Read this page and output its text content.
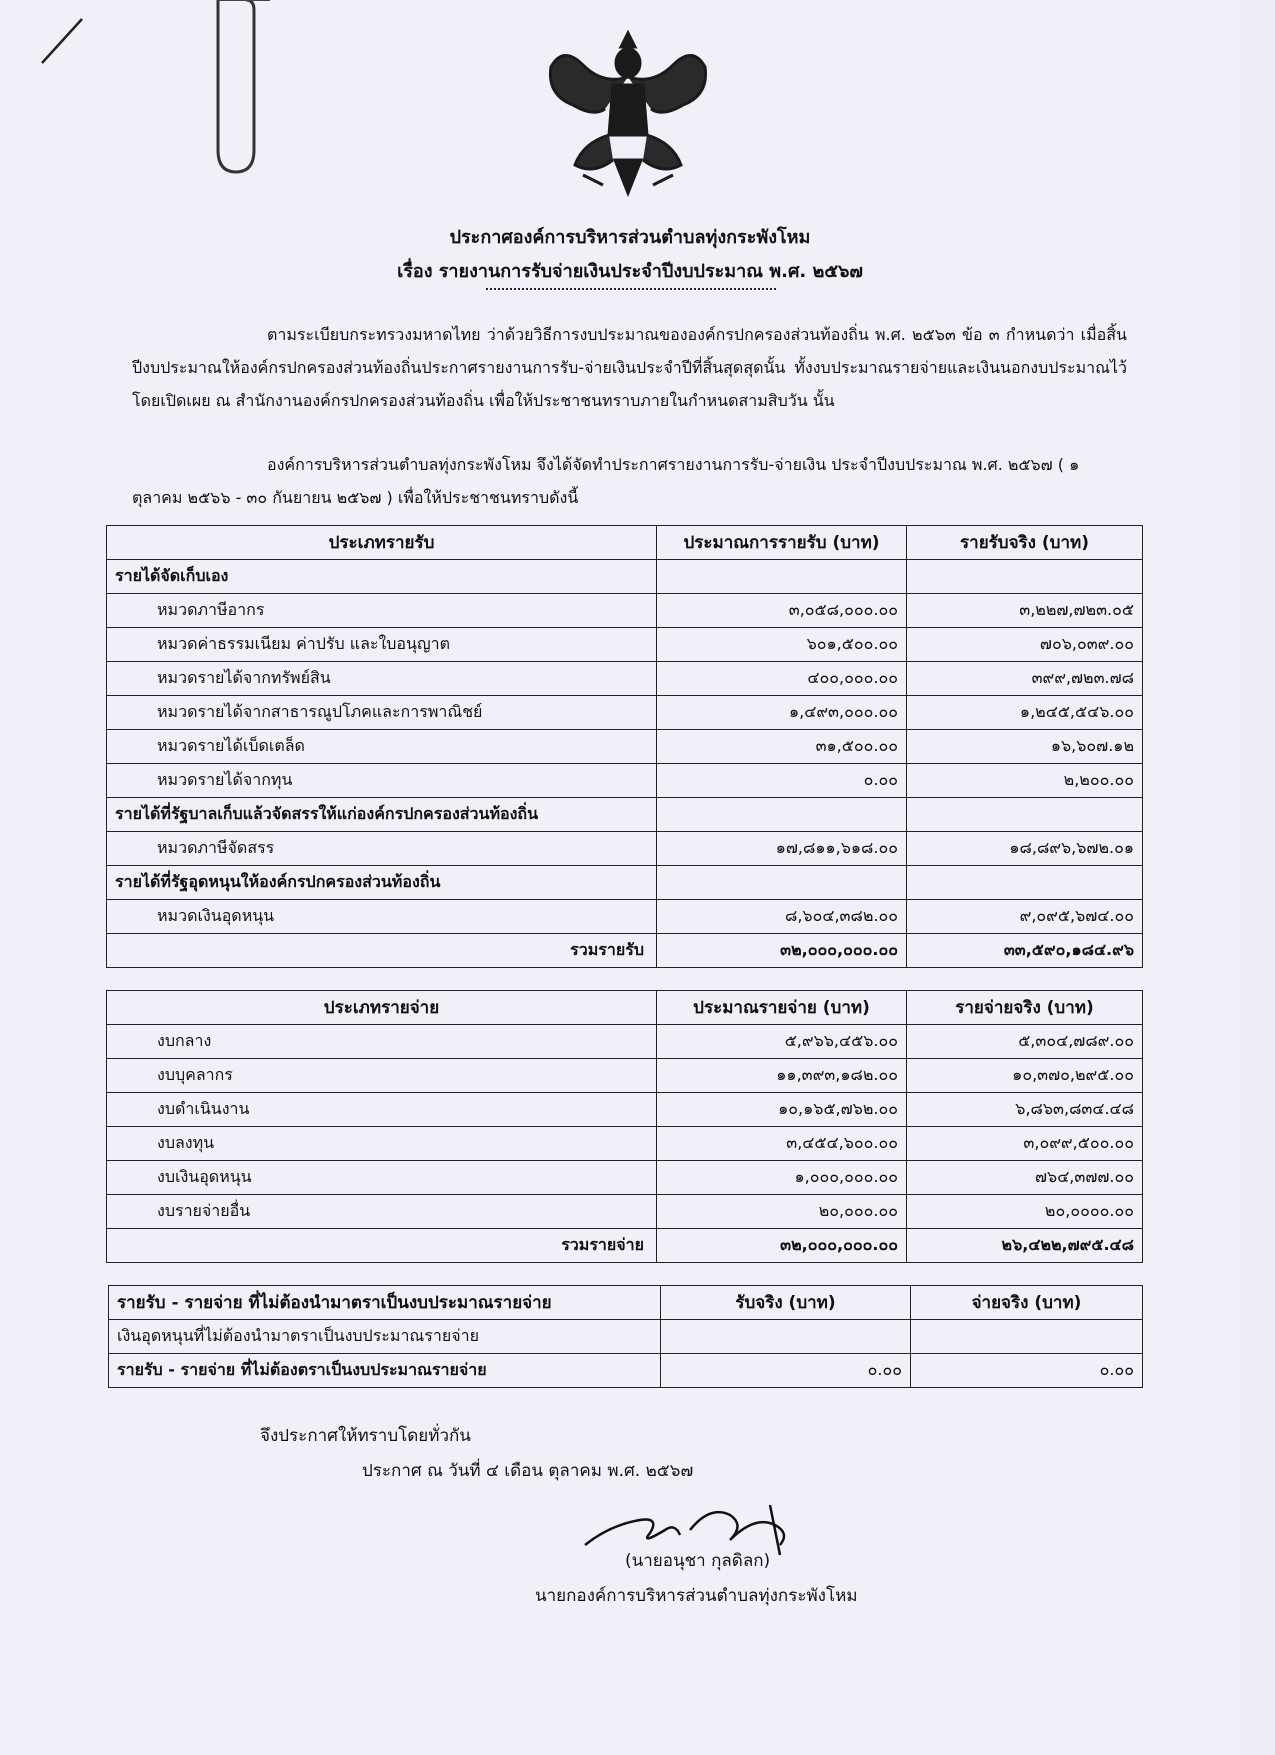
ประกาศองค์การบริหารส่วนตำบลทุ่งกระพังโหม
เรื่อง รายงานการรับจ่ายเงินประจำปีงบประมาณ พ.ศ. ๒๕๖๗
ตามระเบียบกระทรวงมหาดไทย ว่าด้วยวิธีการงบประมาณขององค์กรปกครองส่วนท้องถิ่น พ.ศ. ๒๕๖๓ ข้อ ๓ กำหนดว่า เมื่อสิ้นปีงบประมาณให้องค์กรปกครองส่วนท้องถิ่นประกาศรายงานการรับ-จ่ายเงินประจำปีที่สิ้นสุดสุดนั้น ทั้งงบประมาณรายจ่ายและเงินนอกงบประมาณไว้โดยเปิดเผย ณ สำนักงานองค์กรปกครองส่วนท้องถิ่น เพื่อให้ประชาชนทราบภายในกำหนดสามสิบวัน นั้น
องค์การบริหารส่วนตำบลทุ่งกระพังโหม จึงได้จัดทำประกาศรายงานการรับ-จ่ายเงิน ประจำปีงบประมาณ พ.ศ. ๒๕๖๗ ( ๑ ตุลาคม ๒๕๖๖ - ๓๐ กันยายน ๒๕๖๗ ) เพื่อให้ประชาชนทราบดังนี้
ประเภทรายรับ	ประมาณการรายรับ (บาท)	รายรับจริง (บาท)
รายได้จัดเก็บเอง		
หมวดภาษีอากร	๓,๐๕๘,๐๐๐.๐๐	๓,๒๒๗,๗๒๓.๐๕
หมวดค่าธรรมเนียม ค่าปรับ และใบอนุญาต	๖๐๑,๕๐๐.๐๐	๗๐๖,๐๓๙.๐๐
หมวดรายได้จากทรัพย์สิน	๔๐๐,๐๐๐.๐๐	๓๙๙,๗๒๓.๗๘
หมวดรายได้จากสาธารณูปโภคและการพาณิชย์	๑,๔๙๓,๐๐๐.๐๐	๑,๒๔๕,๕๔๖.๐๐
หมวดรายได้เบ็ดเตล็ด	๓๑,๕๐๐.๐๐	๑๖,๖๐๗.๑๒
หมวดรายได้จากทุน	๐.๐๐	๒,๒๐๐.๐๐
รายได้ที่รัฐบาลเก็บแล้วจัดสรรให้แก่องค์กรปกครองส่วนท้องถิ่น		
หมวดภาษีจัดสรร	๑๗,๘๑๑,๖๑๘.๐๐	๑๘,๘๙๖,๖๗๒.๐๑
รายได้ที่รัฐอุดหนุนให้องค์กรปกครองส่วนท้องถิ่น		
หมวดเงินอุดหนุน	๘,๖๐๔,๓๘๒.๐๐	๙,๐๙๕,๖๗๔.๐๐
รวมรายรับ	๓๒,๐๐๐,๐๐๐.๐๐	๓๓,๕๙๐,๑๘๔.๙๖
ประเภทรายจ่าย	ประมาณรายจ่าย (บาท)	รายจ่ายจริง (บาท)
งบกลาง	๕,๙๖๖,๔๕๖.๐๐	๕,๓๐๔,๗๘๙.๐๐
งบบุคลากร	๑๑,๓๙๓,๑๘๒.๐๐	๑๐,๓๗๐,๒๙๕.๐๐
งบดำเนินงาน	๑๐,๑๖๕,๗๖๒.๐๐	๖,๘๖๓,๘๓๔.๔๘
งบลงทุน	๓,๔๕๔,๖๐๐.๐๐	๓,๐๙๙,๕๐๐.๐๐
งบเงินอุดหนุน	๑,๐๐๐,๐๐๐.๐๐	๗๖๔,๓๗๗.๐๐
งบรายจ่ายอื่น	๒๐,๐๐๐.๐๐	๒๐,๐๐๐๐.๐๐
รวมรายจ่าย	๓๒,๐๐๐,๐๐๐.๐๐	๒๖,๔๒๒,๗๙๕.๔๘
รายรับ - รายจ่าย ที่ไม่ต้องนำมาตราเป็นงบประมาณรายจ่าย	รับจริง (บาท)	จ่ายจริง (บาท)
เงินอุดหนุนที่ไม่ต้องนำมาตราเป็นงบประมาณรายจ่าย		
รายรับ - รายจ่าย ที่ไม่ต้องตราเป็นงบประมาณรายจ่าย	๐.๐๐	๐.๐๐
จึงประกาศให้ทราบโดยทั่วกัน
ประกาศ ณ วันที่ ๔ เดือน ตุลาคม พ.ศ. ๒๕๖๗
(นายอนุชา กุลดิลก)
นายกองค์การบริหารส่วนตำบลทุ่งกระพังโหม
